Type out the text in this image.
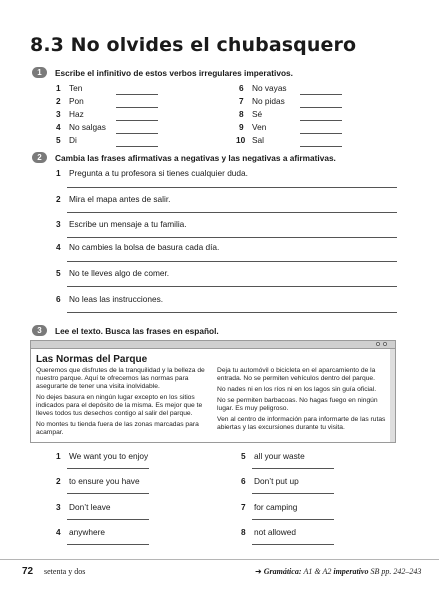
8.3 No olvides el chubasquero
1	Escribe el infinitivo de estos verbos irregulares imperativos.
1 Ten
2 Pon
3 Haz
4 No salgas
5 Di
6 No vayas
7 No pidas
8 Sé
9 Ven
10 Sal
2	Cambia las frases afirmativas a negativas y las negativas a afirmativas.
1 Pregunta a tu profesora si tienes cualquier duda.
2 Mira el mapa antes de salir.
3 Escribe un mensaje a tu familia.
4 No cambies la bolsa de basura cada día.
5 No te lleves algo de comer.
6 No leas las instrucciones.
3	Lee el texto. Busca las frases en español.
Las Normas del Parque

Queremos que disfrutes de la tranquilidad y la belleza de nuestro parque. Aquí te ofrecemos las normas para asegurarte de tener una visita inolvidable.

No dejes basura en ningún lugar excepto en los sitios indicados para el depósito de la misma. Es mejor que te lleves todos tus desechos contigo al salir del parque.

No montes tu tienda fuera de las zonas marcadas para acampar.

Deja tu automóvil o bicicleta en el aparcamiento de la entrada. No se permiten vehículos dentro del parque.

No nades ni en los ríos ni en los lagos sin guía oficial.

No se permiten barbacoas. No hagas fuego en ningún lugar. Es muy peligroso.

Ven al centro de información para informarte de las rutas abiertas y las excursiones durante tu visita.

1 We want you to enjoy
2 to ensure you have
3 Don’t leave
4 anywhere
5 all your waste
6 Don’t put up
7 for camping
8 not allowed
72 setenta y dos	➜ Gramática: A1 & A2 imperativo SB pp. 242–243
